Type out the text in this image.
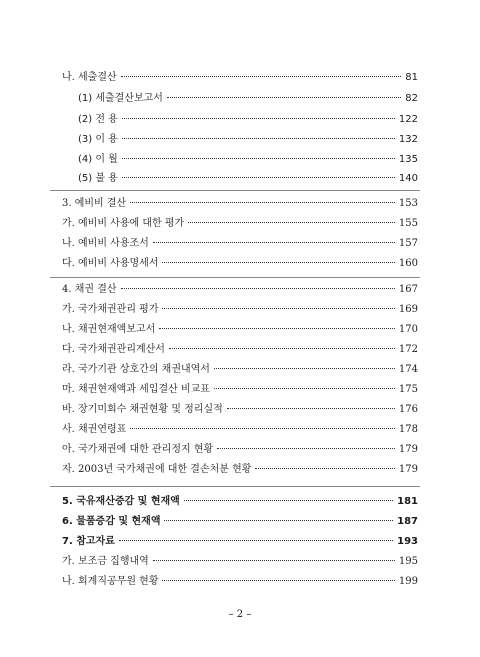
나. 세출결산	81
(1) 세출결산보고서	82
(2) 전 용	122
(3) 이 용	132
(4) 이 월	135
(5) 불 용	140
3. 예비비 결산	153
가. 예비비 사용에 대한 평가	155
나. 예비비 사용조서	157
다. 예비비 사용명세서	160
4. 채권 결산	167
가. 국가채권관리 평가	169
나. 채권현재액보고서	170
다. 국가채권관리계산서	172
라. 국가기관 상호간의 채권내역서	174
마. 채권현재액과 세입결산 비교표	175
바. 장기미회수 채권현황 및 정리실적	176
사. 채권연령표	178
아. 국가채권에 대한 관리정지 현황	179
자. 2003년 국가채권에 대한 결손처분 현황	179
5. 국유재산증감 및 현재액	181
6. 물품증감 및 현재액	187
7. 참고자료	193
가. 보조금 집행내역	195
나. 회계직공무원 현황	199
– 2 –
